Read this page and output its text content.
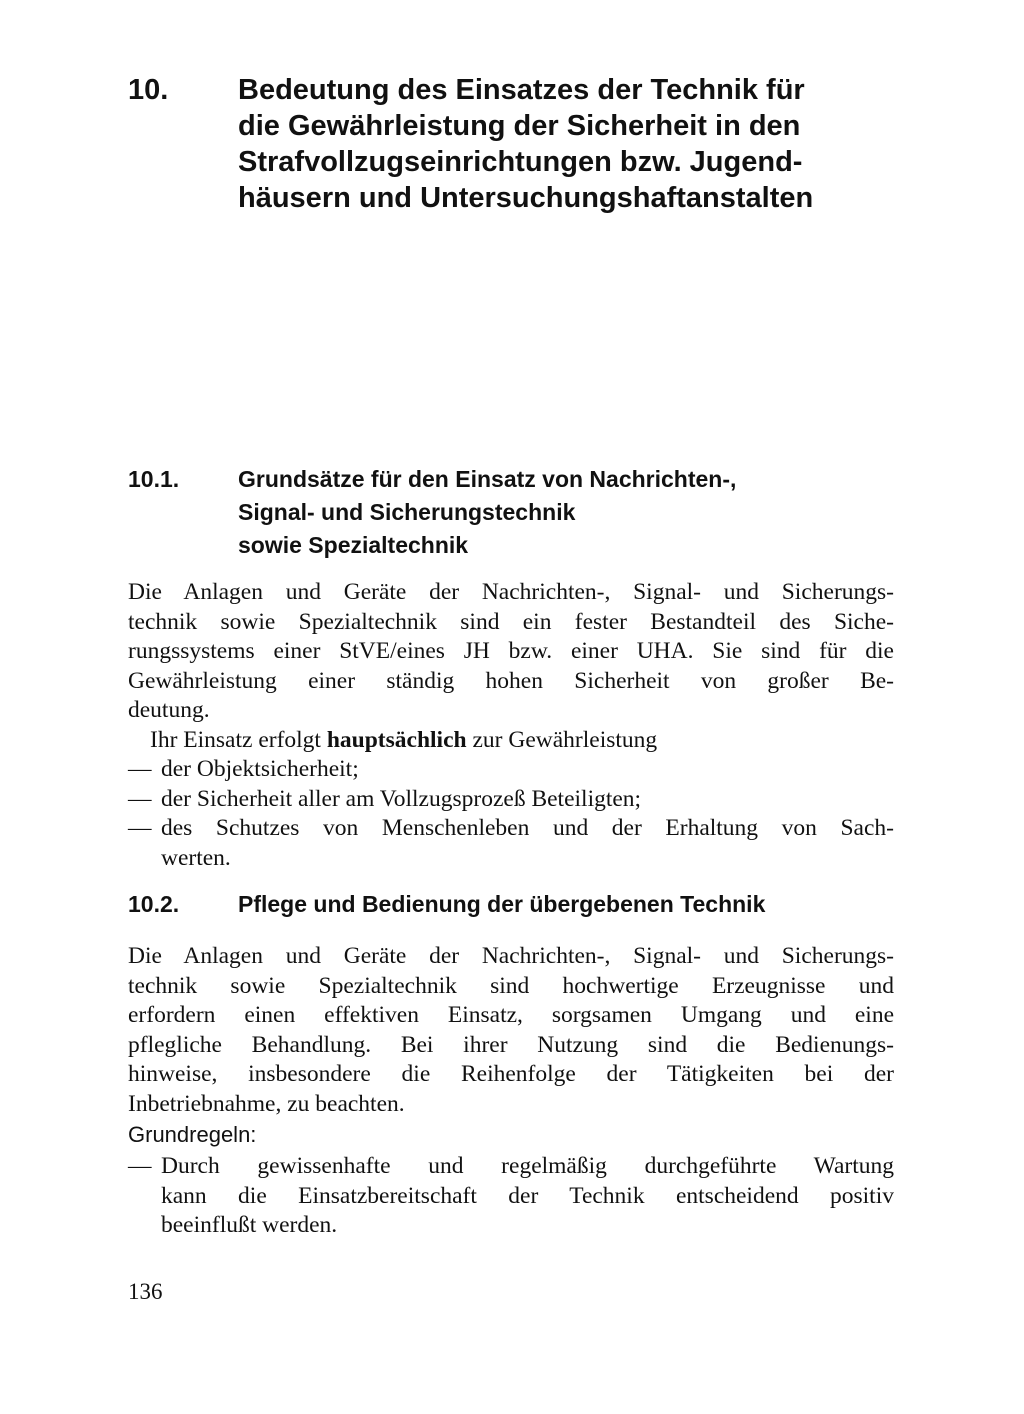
10. Bedeutung des Einsatzes der Technik für
die Gewährleistung der Sicherheit in den
Strafvollzugseinrichtungen bzw. Jugend-
häusern und Untersuchungshaftanstalten
10.1.	Grundsätze für den Einsatz von Nachrichten-,
Signal- und Sicherungstechnik
sowie Spezialtechnik
Die Anlagen und Geräte der Nachrichten-, Signal- und Sicherungs-
technik sowie Spezialtechnik sind ein fester Bestandteil des Siche-
rungssystems einer StVE/eines JH bzw. einer UHA. Sie sind für die
Gewährleistung einer ständig hohen Sicherheit von großer Be-
deutung.
Ihr Einsatz erfolgt hauptsächlich zur Gewährleistung
— der Objektsicherheit;
— der Sicherheit aller am Vollzugsprozeß Beteiligten;
— des Schutzes von Menschenleben und der Erhaltung von Sach-
werten.
10.2.	Pflege und Bedienung der übergebenen Technik
Die Anlagen und Geräte der Nachrichten-, Signal- und Sicherungs-
technik sowie Spezialtechnik sind hochwertige Erzeugnisse und
erfordern einen effektiven Einsatz, sorgsamen Umgang und eine
pflegliche Behandlung. Bei ihrer Nutzung sind die Bedienungs-
hinweise, insbesondere die Reihenfolge der Tätigkeiten bei der
Inbetriebnahme, zu beachten.
Grundregeln:
— Durch gewissenhafte und regelmäßig durchgeführte Wartung
kann die Einsatzbereitschaft der Technik entscheidend positiv
beeinflußt werden.
136
